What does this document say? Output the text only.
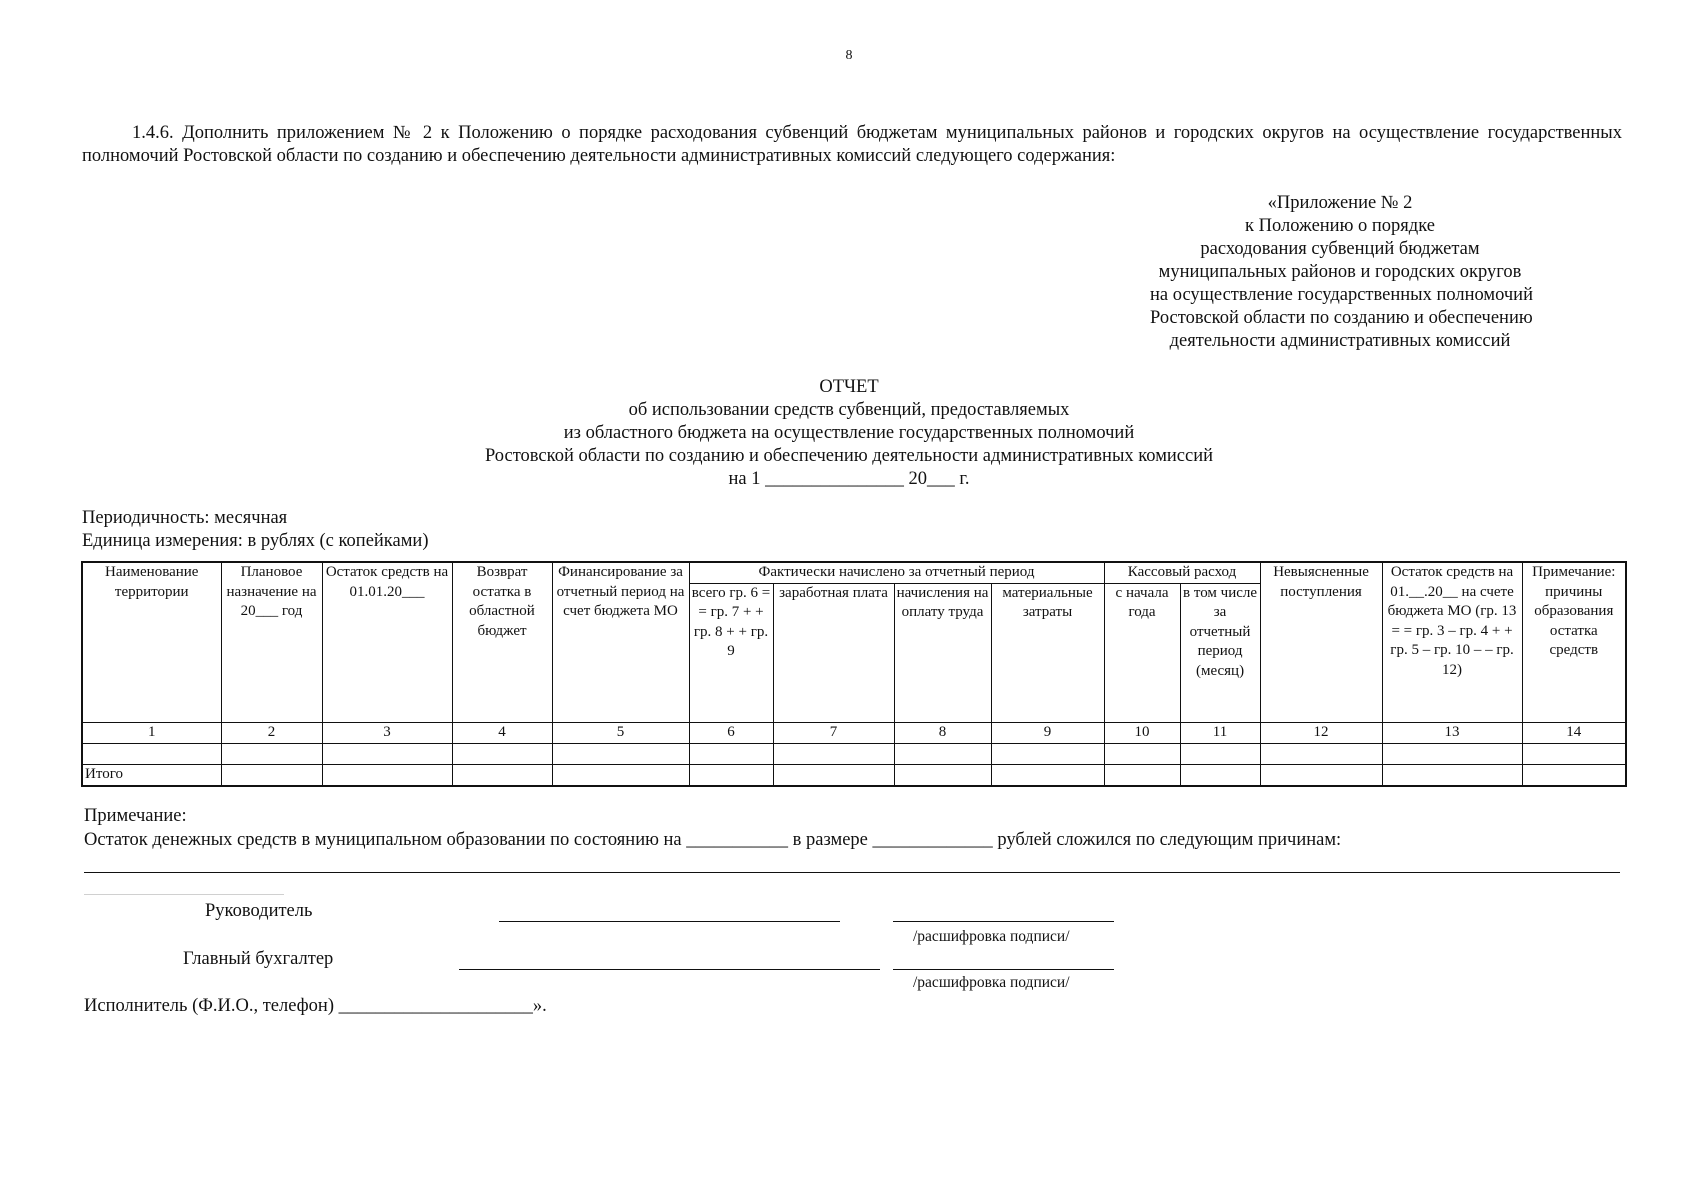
8
1.4.6. Дополнить приложением № 2 к Положению о порядке расходования субвенций бюджетам муниципальных районов и городских округов на осуществление государственных полномочий Ростовской области по созданию и обеспечению деятельности административных комиссий следующего содержания:
«Приложение № 2
к Положению о порядке
расходования субвенций бюджетам
муниципальных районов и городских округов
на осуществление государственных полномочий
Ростовской области по созданию и обеспечению
деятельности административных комиссий
ОТЧЕТ
об использовании средств субвенций, предоставляемых
из областного бюджета на осуществление государственных полномочий
Ростовской области по созданию и обеспечению деятельности административных комиссий
на 1 _______________ 20___ г.
Периодичность: месячная
Единица измерения: в рублях (с копейками)
Наименование территории	Плановое назначение на 20___ год	Остаток средств на 01.01.20___	Возврат остатка в областной бюджет	Финансирование за отчетный период на счет бюджета МО	Фактически начислено за отчетный период				Кассовый расход		Невыясненные поступления	Остаток средств на 01.__.20__ на счете бюджета МО (гр. 13 = = гр. 3 – гр. 4 + + гр. 5 – гр. 10 – – гр. 12)	Примечание: причины образования остатка средств
					всего гр. 6 = = гр. 7 + + гр. 8 + + гр. 9	заработная плата	начисления на оплату труда	материальные затраты	с начала года	в том числе за отчетный период (месяц)			
1	2	3	4	5	6	7	8	9	10	11	12	13	14

Итого													
Примечание:
Остаток денежных средств в муниципальном образовании по состоянию на ___________ в размере _____________ рублей сложился по следующим причинам:
Руководитель
/расшифровка подписи/
Главный бухгалтер
/расшифровка подписи/
Исполнитель (Ф.И.О., телефон) _____________________».
